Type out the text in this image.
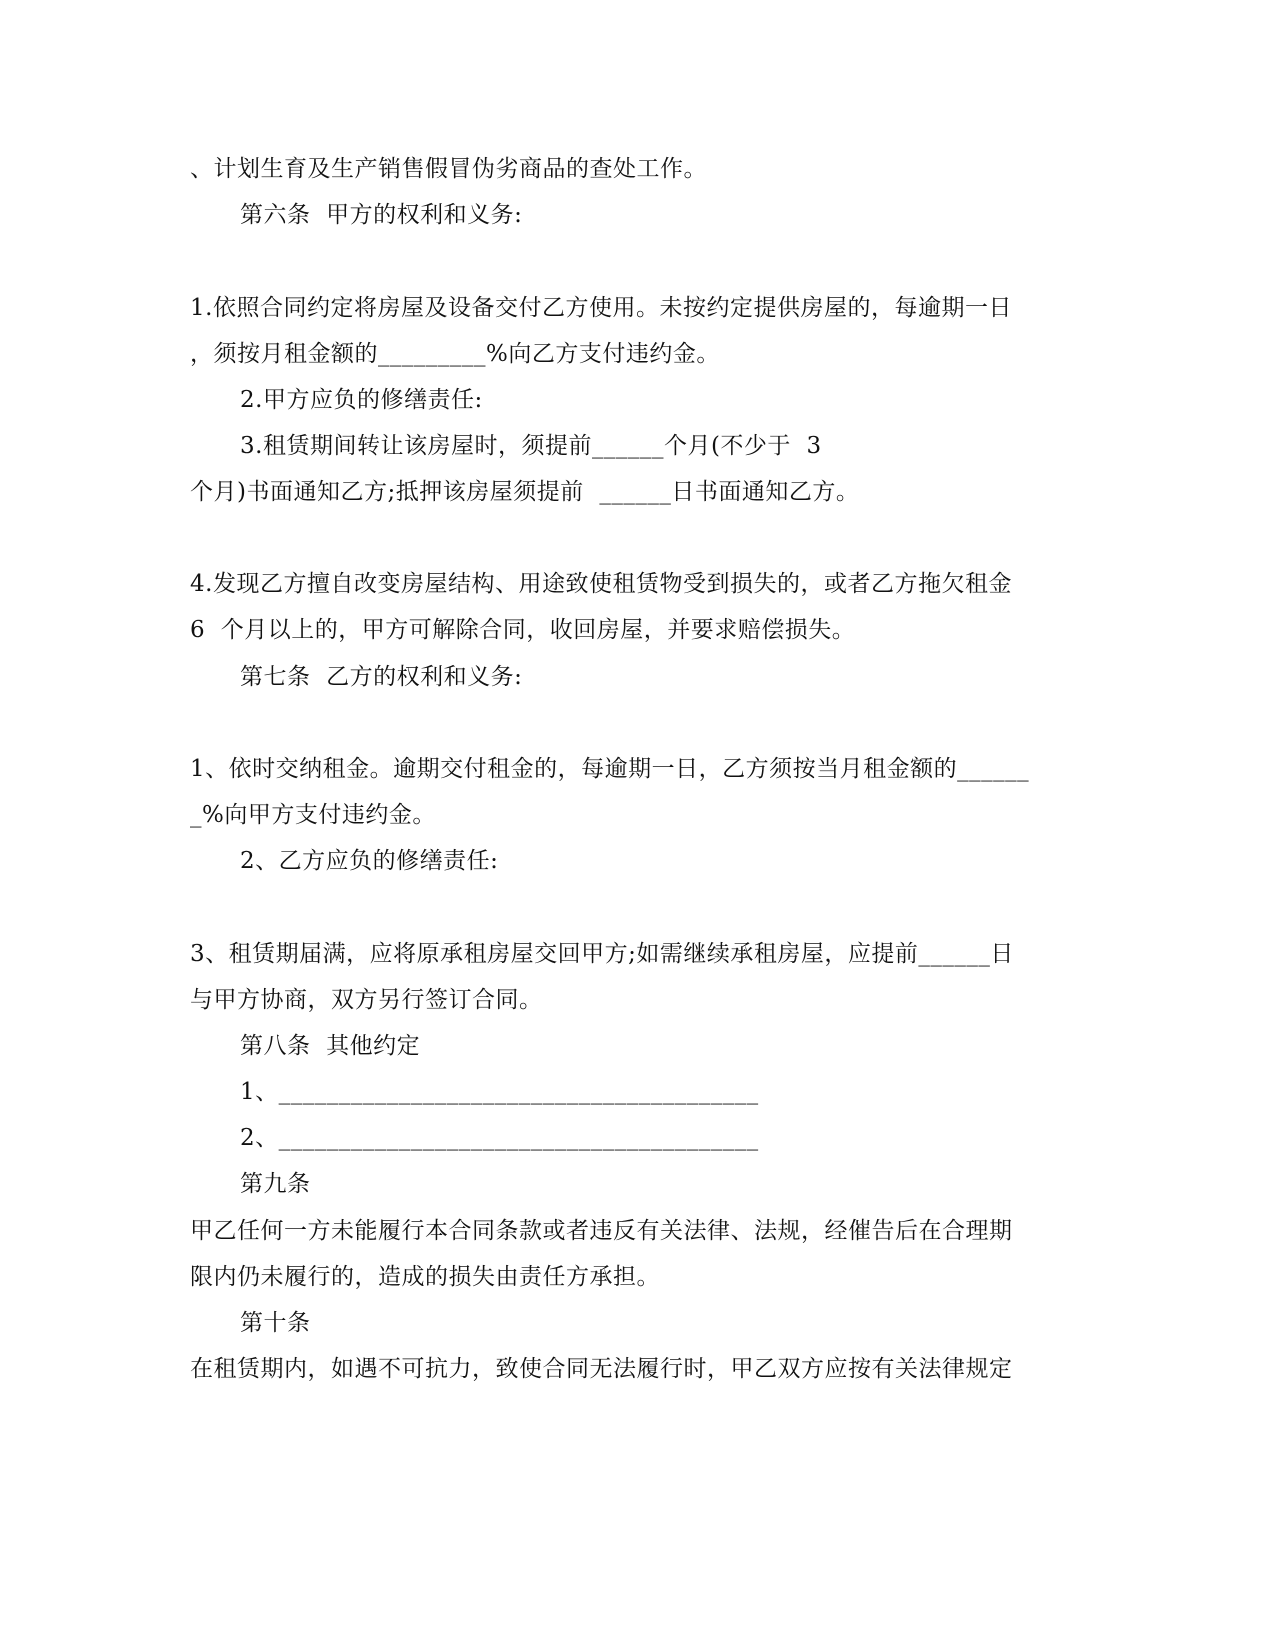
、计划生育及生产销售假冒伪劣商品的查处工作。
第六条  甲方的权利和义务:
1.依照合同约定将房屋及设备交付乙方使用。未按约定提供房屋的，每逾期一日
，须按月租金额的_________%向乙方支付违约金。
2.甲方应负的修缮责任:
3.租赁期间转让该房屋时，须提前______个月(不少于  3
个月)书面通知乙方;抵押该房屋须提前  ______日书面通知乙方。
4.发现乙方擅自改变房屋结构、用途致使租赁物受到损失的，或者乙方拖欠租金
6  个月以上的，甲方可解除合同，收回房屋，并要求赔偿损失。
第七条  乙方的权利和义务:
1、依时交纳租金。逾期交付租金的，每逾期一日，乙方须按当月租金额的______
_%向甲方支付违约金。
2、乙方应负的修缮责任:
3、租赁期届满，应将原承租房屋交回甲方;如需继续承租房屋，应提前______日
与甲方协商，双方另行签订合同。
第八条  其他约定
1、________________________________________
2、________________________________________
第九条
甲乙任何一方未能履行本合同条款或者违反有关法律、法规，经催告后在合理期
限内仍未履行的，造成的损失由责任方承担。
第十条
在租赁期内，如遇不可抗力，致使合同无法履行时，甲乙双方应按有关法律规定
